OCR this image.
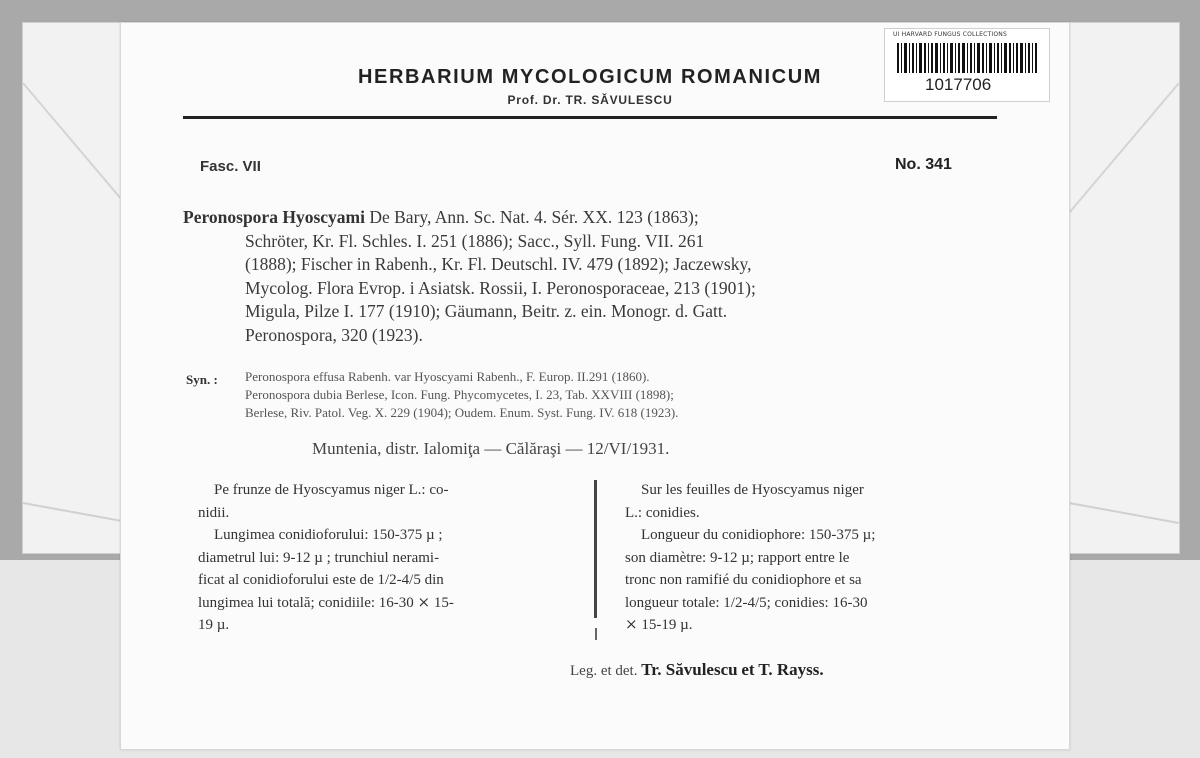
UI HARVARD FUNGUS COLLECTIONS
1017706
HERBARIUM MYCOLOGICUM ROMANICUM
Prof. Dr. TR. SĂVULESCU
Fasc. VII	No. 341
Peronospora Hyoscyami De Bary, Ann. Sc. Nat. 4. Sér. XX. 123 (1863);
Schröter, Kr. Fl. Schles. I. 251 (1886); Sacc., Syll. Fung. VII. 261
(1888); Fischer in Rabenh., Kr. Fl. Deutschl. IV. 479 (1892); Jaczewsky,
Mycolog. Flora Evrop. i Asiatsk. Rossii, I. Peronosporaceae, 213 (1901);
Migula, Pilze I. 177 (1910); Gäumann, Beitr. z. ein. Monogr. d. Gatt.
Peronospora, 320 (1923).
Syn. : Peronospora effusa Rabenh. var Hyoscyami Rabenh., F. Europ. II.291 (1860).
Peronospora dubia Berlese, Icon. Fung. Phycomycetes, I. 23, Tab. XXVIII (1898);
Berlese, Riv. Patol. Veg. X. 229 (1904); Oudem. Enum. Syst. Fung. IV. 618 (1923).
Muntenia, distr. Ialomiţa — Călăraşi — 12/VI/1931.
Pe frunze de Hyoscyamus niger L.: co-
nidii.
Lungimea conidioforului: 150-375 µ ;
diametrul lui: 9-12 µ ; trunchiul nerami-
ficat al conidioforului este de 1/2-4/5 din
lungimea lui totală; conidiile: 16-30 ⨯ 15-
19 µ.
Sur les feuilles de Hyoscyamus niger
L.: conidies.
Longueur du conidiophore: 150-375 µ;
son diamètre: 9-12 µ; rapport entre le
tronc non ramifié du conidiophore et sa
longueur totale: 1/2-4/5; conidies: 16-30
⨯ 15-19 µ.
Leg. et det. Tr. Săvulescu et T. Rayss.
